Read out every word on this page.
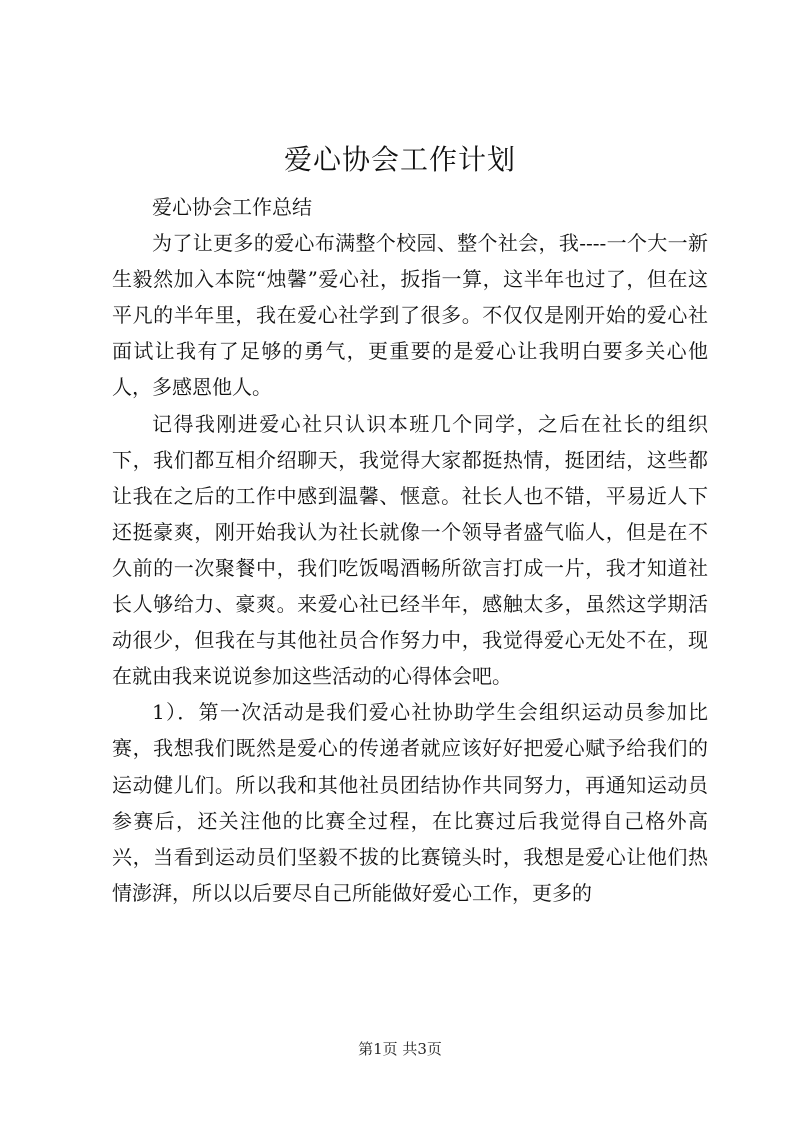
爱心协会工作计划

爱心协会工作总结

为了让更多的爱心布满整个校园、整个社会，我----一个大一新生毅然加入本院“烛馨”爱心社，扳指一算，这半年也过了，但在这平凡的半年里，我在爱心社学到了很多。不仅仅是刚开始的爱心社面试让我有了足够的勇气，更重要的是爱心让我明白要多关心他人，多感恩他人。

记得我刚进爱心社只认识本班几个同学，之后在社长的组织下，我们都互相介绍聊天，我觉得大家都挺热情，挺团结，这些都让我在之后的工作中感到温馨、惬意。社长人也不错，平易近人下还挺豪爽，刚开始我认为社长就像一个领导者盛气临人，但是在不久前的一次聚餐中，我们吃饭喝酒畅所欲言打成一片，我才知道社长人够给力、豪爽。来爱心社已经半年，感触太多，虽然这学期活动很少，但我在与其他社员合作努力中，我觉得爱心无处不在，现在就由我来说说参加这些活动的心得体会吧。

1）．第一次活动是我们爱心社协助学生会组织运动员参加比赛，我想我们既然是爱心的传递者就应该好好把爱心赋予给我们的运动健儿们。所以我和其他社员团结协作共同努力，再通知运动员参赛后，还关注他的比赛全过程，在比赛过后我觉得自己格外高兴，当看到运动员们坚毅不拔的比赛镜头时，我想是爱心让他们热情澎湃，所以以后要尽自己所能做好爱心工作，更多的

第1页 共3页
